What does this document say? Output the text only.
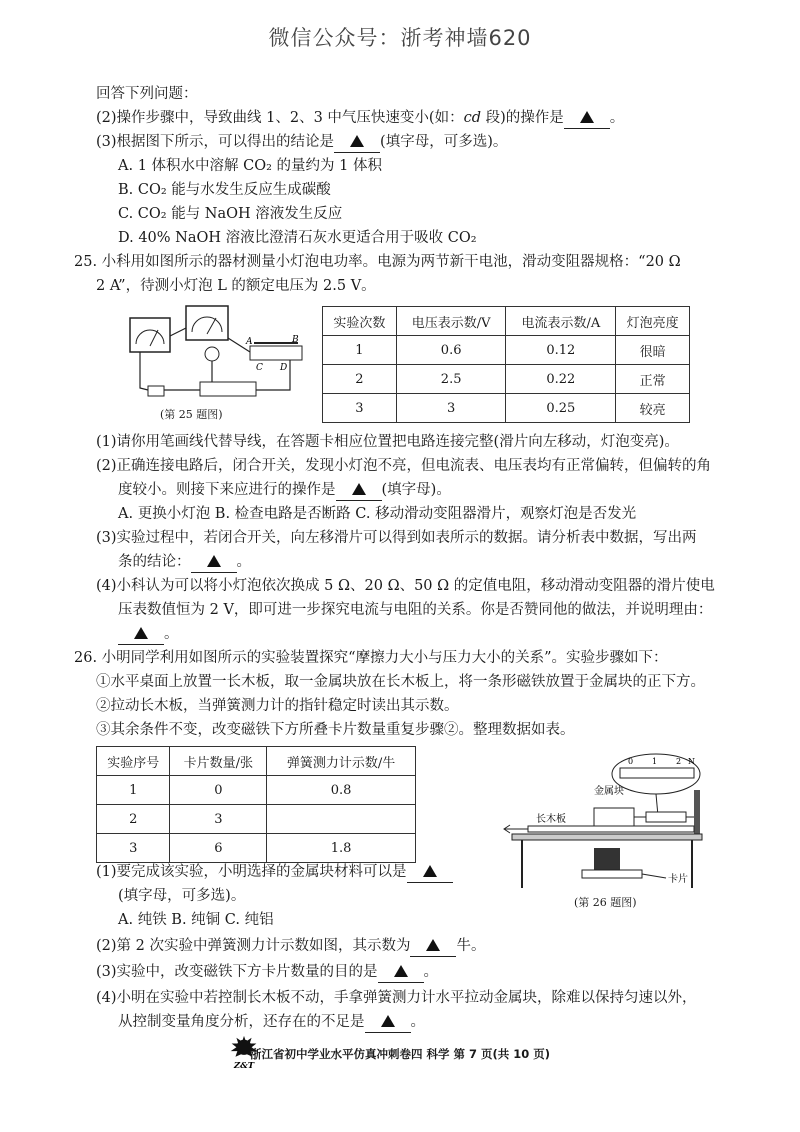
微信公众号：浙考神墙620
回答下列问题：
(2)操作步骤中，导致曲线 1、2、3 中气压快速变小(如：cd 段)的操作是	。
(3)根据图下所示，可以得出的结论是	(填字母，可多选)。
A. 1 体积水中溶解 CO₂ 的量约为 1 体积
B. CO₂ 能与水发生反应生成碳酸
C. CO₂ 能与 NaOH 溶液发生反应
D. 40% NaOH 溶液比澄清石灰水更适合用于吸收 CO₂
25. 小科用如图所示的器材测量小灯泡电功率。电源为两节新干电池，滑动变阻器规格：“20 Ω
2 A”，待测小灯泡 L 的额定电压为 2.5 V。
A	B
C D
(第 25 题图)
实验次数	电压表示数/V	电流表示数/A	灯泡亮度
1	0.6	0.12	很暗
2	2.5	0.22	正常
3	3	0.25	较亮
(1)请你用笔画线代替导线，在答题卡相应位置把电路连接完整(滑片向左移动，灯泡变亮)。
(2)正确连接电路后，闭合开关，发现小灯泡不亮，但电流表、电压表均有正常偏转，但偏转的角
度较小。则接下来应进行的操作是	(填字母)。
A. 更换小灯泡 B. 检查电路是否断路 C. 移动滑动变阻器滑片，观察灯泡是否发光
(3)实验过程中，若闭合开关，向左移滑片可以得到如表所示的数据。请分析表中数据，写出两
条的结论：	。
(4)小科认为可以将小灯泡依次换成 5 Ω、20 Ω、50 Ω 的定值电阻，移动滑动变阻器的滑片使电
压表数值恒为 2 V，即可进一步探究电流与电阻的关系。你是否赞同他的做法，并说明理由：
。
26. 小明同学利用如图所示的实验装置探究“摩擦力大小与压力大小的关系”。实验步骤如下：
①水平桌面上放置一长木板，取一金属块放在长木板上，将一条形磁铁放置于金属块的正下方。
②拉动长木板，当弹簧测力计的指针稳定时读出其示数。
③其余条件不变，改变磁铁下方所叠卡片数量重复步骤②。整理数据如表。
实验序号	卡片数量/张	弹簧测力计示数/牛
1	0	0.8
2	3	
3	6	1.8
0 1 2 N
金属块
长木板
卡片
(第 26 题图)
(1)要完成该实验，小明选择的金属块材料可以是
(填字母，可多选)。
A. 纯铁 B. 纯铜 C. 纯铝
(2)第 2 次实验中弹簧测力计示数如图，其示数为	牛。
(3)实验中，改变磁铁下方卡片数量的目的是	。
(4)小明在实验中若控制长木板不动，手拿弹簧测力计水平拉动金属块，除难以保持匀速以外，
从控制变量角度分析，还存在的不足是	。
Z&T
浙江省初中学业水平仿真冲刺卷四 科学 第 7 页(共 10 页)
